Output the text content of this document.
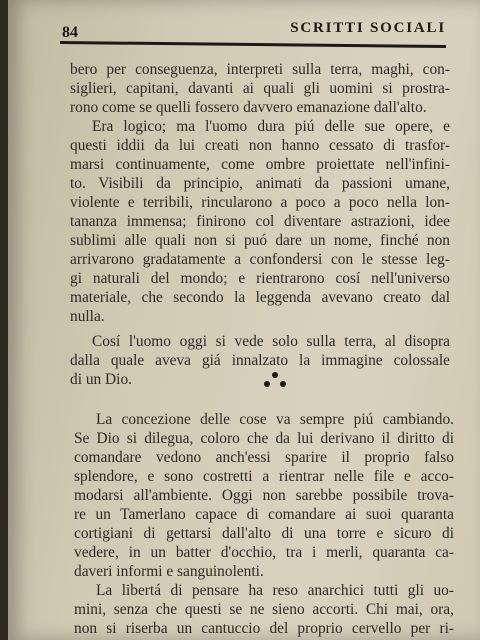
84	SCRITTI SOCIALI
bero per conseguenza, interpreti sulla terra, maghi, con-
siglieri, capitani, davanti ai quali gli uomini si prostra-
rono come se quelli fossero davvero emanazione dall'alto.
Era logico; ma l'uomo dura piú delle sue opere, e
questi iddii da lui creati non hanno cessato di trasfor-
marsi continuamente, come ombre proiettate nell'infini-
to. Visibili da principio, animati da passioni umane,
violente e terribili, rincularono a poco a poco nella lon-
tananza immensa; finirono col diventare astrazioni, idee
sublimi alle quali non si puó dare un nome, finché non
arrivarono gradatamente a confondersi con le stesse leg-
gi naturali del mondo; e rientrarono cosí nell'universo
materiale, che secondo la leggenda avevano creato dal
nulla.
Cosí l'uomo oggi si vede solo sulla terra, al disopra
dalla quale aveva giá innalzato la immagine colossale
di un Dio.
La concezione delle cose va sempre piú cambiando.
Se Dio si dilegua, coloro che da lui derivano il diritto di
comandare vedono anch'essi sparire il proprio falso
splendore, e sono costretti a rientrar nelle file e acco-
modarsi all'ambiente. Oggi non sarebbe possibile trova-
re un Tamerlano capace di comandare ai suoi quaranta
cortigiani di gettarsi dall'alto di una torre e sicuro di
vedere, in un batter d'occhio, tra i merli, quaranta ca-
daveri informi e sanguinolenti.
La libertá di pensare ha reso anarchici tutti gli uo-
mini, senza che questi se ne sieno accorti. Chi mai, ora,
non si riserba un cantuccio del proprio cervello per ri-
